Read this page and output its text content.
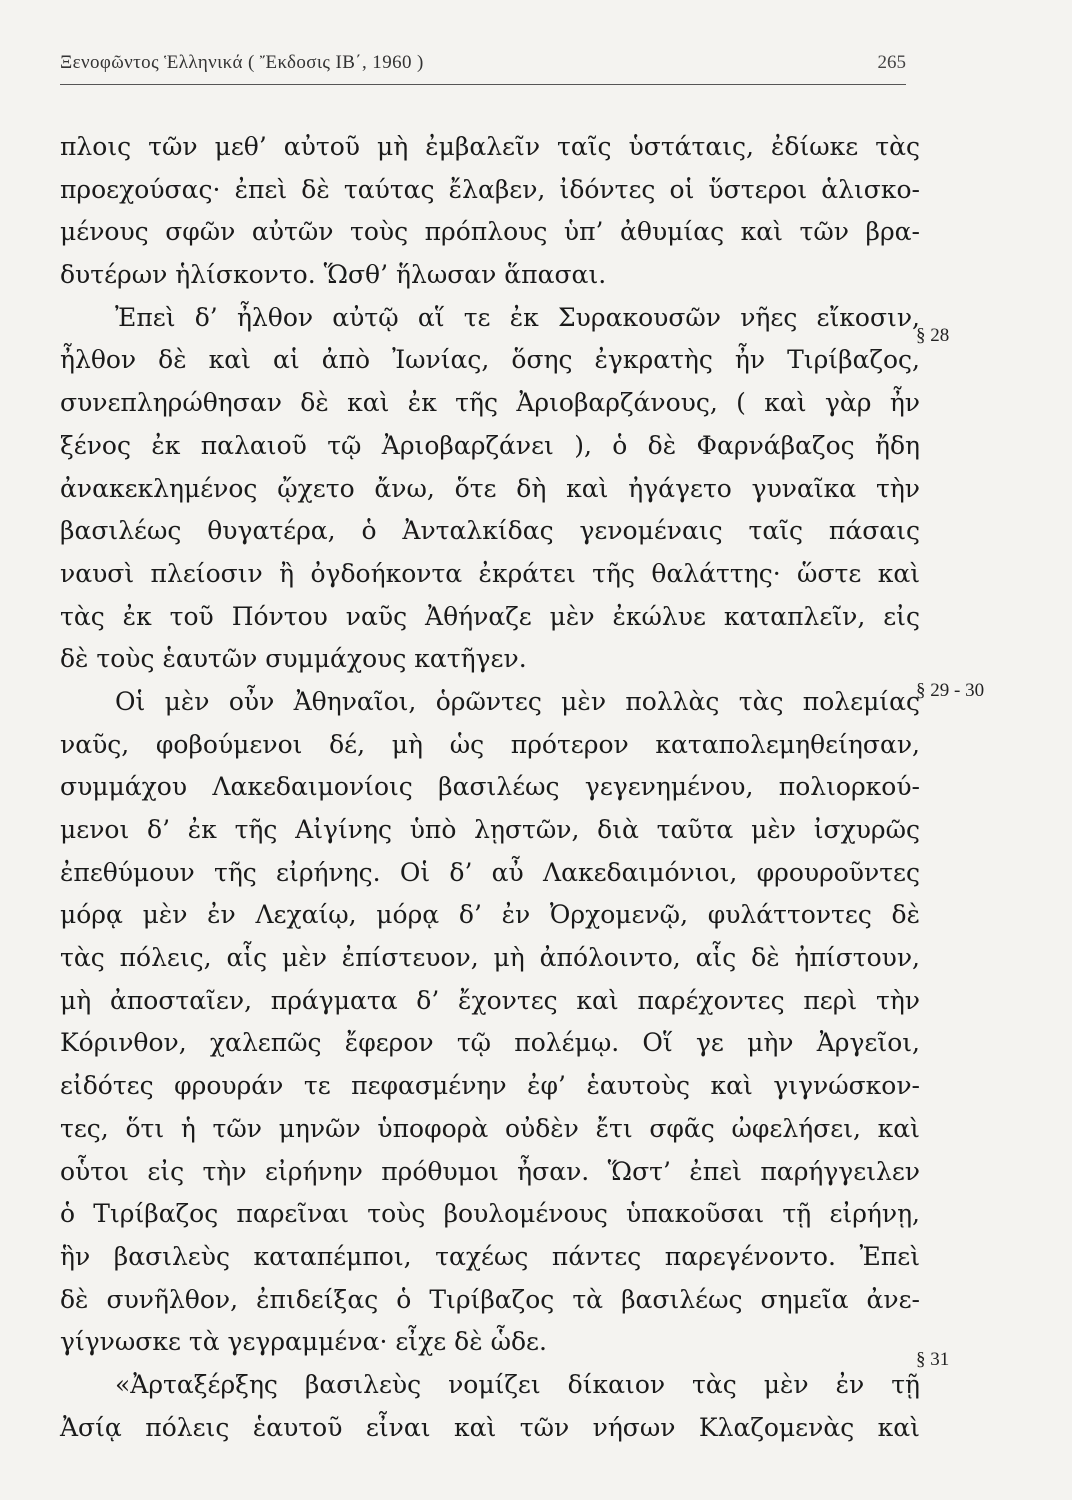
Ξενοφῶντος Ἑλληνικά ( Ἔκδοσις ΙΒ΄, 1960 )	265
πλοις τῶν μεθ’ αὐτοῦ μὴ ἐμβαλεῖν ταῖς ὑστάταις, ἐδίωκε τὰς
προεχούσας· ἐπεὶ δὲ ταύτας ἔλαβεν, ἰδόντες οἱ ὕστεροι ἁλισκο-
μένους σφῶν αὐτῶν τοὺς πρόπλους ὑπ’ ἀθυμίας καὶ τῶν βρα-
δυτέρων ἡλίσκοντο. Ὥσθ’ ἥλωσαν ἅπασαι.
Ἐπεὶ δ’ ἦλθον αὐτῷ αἵ τε ἐκ Συρακουσῶν νῆες εἴκοσιν,
ἦλθον δὲ καὶ αἱ ἀπὸ Ἰωνίας, ὅσης ἐγκρατὴς ἦν Τιρίβαζος,
συνεπληρώθησαν δὲ καὶ ἐκ τῆς Ἀριοβαρζάνους, ( καὶ γὰρ ἦν
ξένος ἐκ παλαιοῦ τῷ Ἀριοβαρζάνει ), ὁ δὲ Φαρνάβαζος ἤδη
ἀνακεκλημένος ᾤχετο ἄνω, ὅτε δὴ καὶ ἠγάγετο γυναῖκα τὴν
βασιλέως θυγατέρα, ὁ Ἀνταλκίδας γενομέναις ταῖς πάσαις
ναυσὶ πλείοσιν ἢ ὀγδοήκοντα ἐκράτει τῆς θαλάττης· ὥστε καὶ
τὰς ἐκ τοῦ Πόντου ναῦς Ἀθήναζε μὲν ἐκώλυε καταπλεῖν, εἰς
δὲ τοὺς ἑαυτῶν συμμάχους κατῆγεν.
Οἱ μὲν οὖν Ἀθηναῖοι, ὁρῶντες μὲν πολλὰς τὰς πολεμίας
ναῦς, φοβούμενοι δέ, μὴ ὡς πρότερον καταπολεμηθείησαν,
συμμάχου Λακεδαιμονίοις βασιλέως γεγενημένου, πολιορκού-
μενοι δ’ ἐκ τῆς Αἰγίνης ὑπὸ λῃστῶν, διὰ ταῦτα μὲν ἰσχυρῶς
ἐπεθύμουν τῆς εἰρήνης. Οἱ δ’ αὖ Λακεδαιμόνιοι, φρουροῦντες
μόρᾳ μὲν ἐν Λεχαίῳ, μόρᾳ δ’ ἐν Ὀρχομενῷ, φυλάττοντες δὲ
τὰς πόλεις, αἷς μὲν ἐπίστευον, μὴ ἀπόλοιντο, αἷς δὲ ἠπίστουν,
μὴ ἀποσταῖεν, πράγματα δ’ ἔχοντες καὶ παρέχοντες περὶ τὴν
Κόρινθον, χαλεπῶς ἔφερον τῷ πολέμῳ. Οἵ γε μὴν Ἀργεῖοι,
εἰδότες φρουράν τε πεφασμένην ἐφ’ ἑαυτοὺς καὶ γιγνώσκον-
τες, ὅτι ἡ τῶν μηνῶν ὑποφορὰ οὐδὲν ἔτι σφᾶς ὠφελήσει, καὶ
οὗτοι εἰς τὴν εἰρήνην πρόθυμοι ἦσαν. Ὥστ’ ἐπεὶ παρήγγειλεν
ὁ Τιρίβαζος παρεῖναι τοὺς βουλομένους ὑπακοῦσαι τῇ εἰρήνῃ,
ἣν βασιλεὺς καταπέμποι, ταχέως πάντες παρεγένοντο. Ἐπεὶ
δὲ συνῆλθον, ἐπιδείξας ὁ Τιρίβαζος τὰ βασιλέως σημεῖα ἀνε-
γίγνωσκε τὰ γεγραμμένα· εἶχε δὲ ὧδε.
«Ἀρταξέρξης βασιλεὺς νομίζει δίκαιον τὰς μὲν ἐν τῇ
Ἀσίᾳ πόλεις ἑαυτοῦ εἶναι καὶ τῶν νήσων Κλαζομενὰς καὶ
§ 28
§ 29 - 30
§ 31
